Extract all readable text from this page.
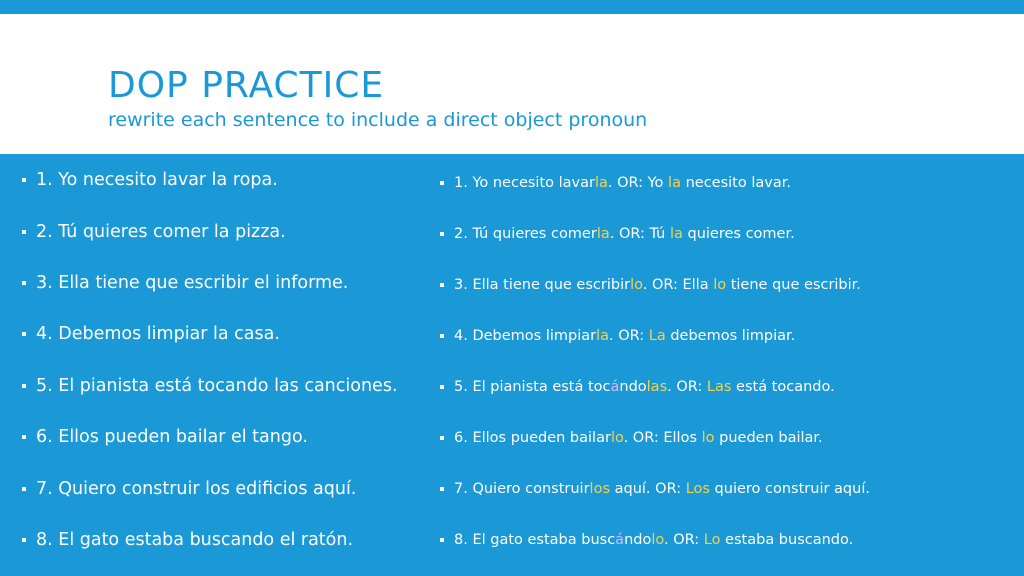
DOP PRACTICE
rewrite each sentence to include a direct object pronoun
1. Yo necesito lavar la ropa.
2. Tú quieres comer la pizza.
3. Ella tiene que escribir el informe.
4. Debemos limpiar la casa.
5. El pianista está tocando las canciones.
6. Ellos pueden bailar el tango.
7. Quiero construir los edificios aquí.
8. El gato estaba buscando el ratón.
1. Yo necesito lavarla. OR: Yo la necesito lavar.
2. Tú quieres comerla. OR: Tú la quieres comer.
3. Ella tiene que escribirlo. OR: Ella lo tiene que escribir.
4. Debemos limpiarla. OR: La debemos limpiar.
5. El pianista está tocándolas. OR: Las está tocando.
6. Ellos pueden bailarlo. OR: Ellos lo pueden bailar.
7. Quiero construirlos aquí. OR: Los quiero construir aquí.
8. El gato estaba buscándolo. OR: Lo estaba buscando.
